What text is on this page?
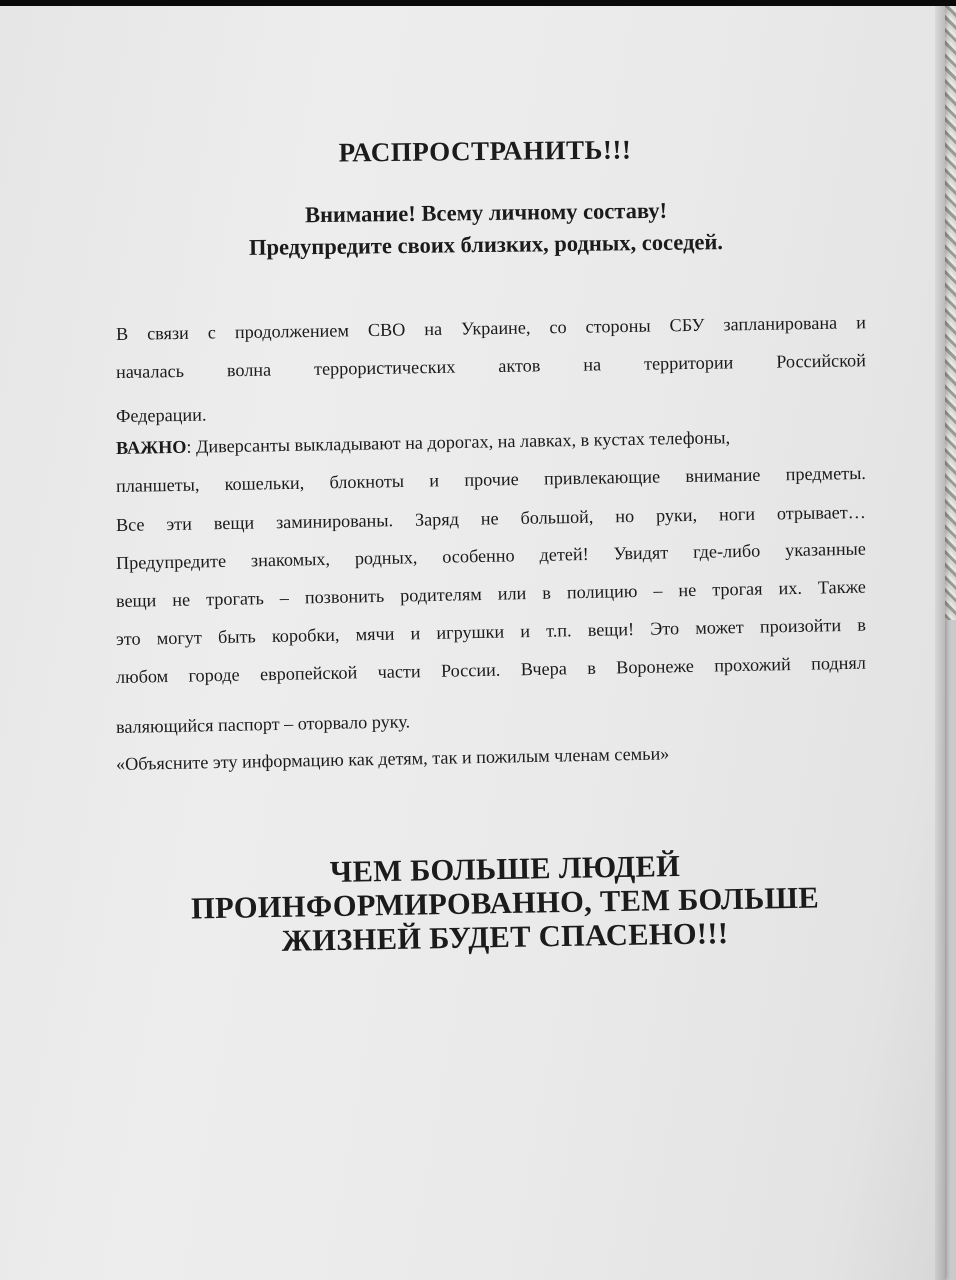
РАСПРОСТРАНИТЬ!!!
Внимание! Всему личному составу!
Предупредите своих близких, родных, соседей.
В связи с продолжением СВО на Украине, со стороны СБУ запланирована и
началась волна террористических актов на территории Российской
Федерации.
ВАЖНО: Диверсанты выкладывают на дорогах, на лавках, в кустах телефоны,
планшеты, кошельки, блокноты и прочие привлекающие внимание предметы.
Все эти вещи заминированы. Заряд не большой, но руки, ноги отрывает…
Предупредите знакомых, родных, особенно детей! Увидят где-либо указанные
вещи не трогать – позвонить родителям или в полицию – не трогая их. Также
это могут быть коробки, мячи и игрушки и т.п. вещи! Это может произойти в
любом городе европейской части России. Вчера в Воронеже прохожий поднял
валяющийся паспорт – оторвало руку.
«Объясните эту информацию как детям, так и пожилым членам семьи»
ЧЕМ БОЛЬШЕ ЛЮДЕЙ
ПРОИНФОРМИРОВАННО, ТЕМ БОЛЬШЕ
ЖИЗНЕЙ БУДЕТ СПАСЕНО!!!
